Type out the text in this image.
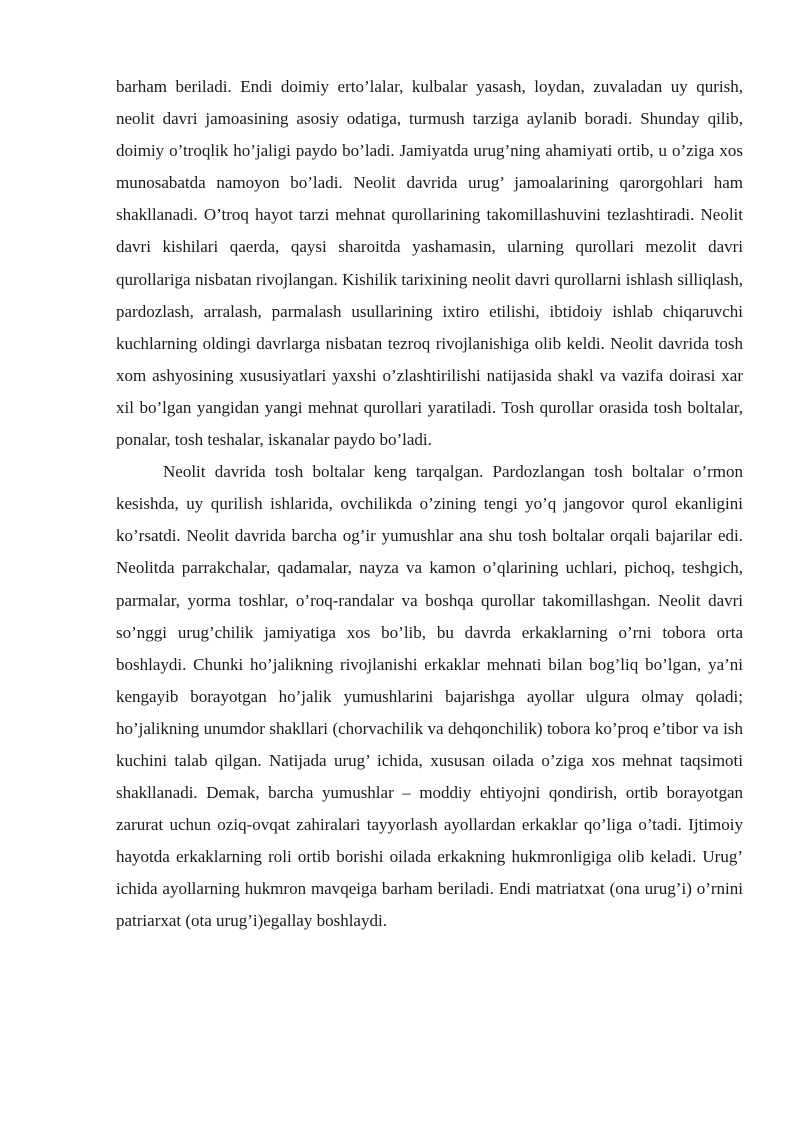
barham beriladi. Endi doimiy erto’lalar, kulbalar yasash, loydan, zuvaladan uy qurish, neolit davri jamoasining asosiy odatiga, turmush tarziga aylanib boradi. Shunday qilib, doimiy o’troqlik ho’jaligi paydo bo’ladi. Jamiyatda urug’ning ahamiyati ortib, u o’ziga xos munosabatda namoyon bo’ladi. Neolit davrida urug’ jamoalarining qarorgohlari ham shakllanadi. O’troq hayot tarzi mehnat qurollarining takomillashuvini tezlashtiradi. Neolit davri kishilari qaerda, qaysi sharoitda yashamasin, ularning qurollari mezolit davri qurollariga nisbatan rivojlangan. Kishilik tarixining neolit davri qurollarni ishlash silliqlash, pardozlash, arralash, parmalash usullarining ixtiro etilishi, ibtidoiy ishlab chiqaruvchi kuchlarning oldingi davrlarga nisbatan tezroq rivojlanishiga olib keldi. Neolit davrida tosh xom ashyosining xususiyatlari yaxshi o’zlashtirilishi natijasida shakl va vazifa doirasi xar xil bo’lgan yangidan yangi mehnat qurollari yaratiladi. Tosh qurollar orasida tosh boltalar, ponalar, tosh teshalar, iskanalar paydo bo’ladi.

Neolit davrida tosh boltalar keng tarqalgan. Pardozlangan tosh boltalar o’rmon kesishda, uy qurilish ishlarida, ovchilikda o’zining tengi yo’q jangovor qurol ekanligini ko’rsatdi. Neolit davrida barcha og’ir yumushlar ana shu tosh boltalar orqali bajarilar edi. Neolitda parrakchalar, qadamalar, nayza va kamon o’qlarining uchlari, pichoq, teshgich, parmalar, yorma toshlar, o’roq-randalar va boshqa qurollar takomillashgan. Neolit davri so’nggi urug’chilik jamiyatiga xos bo’lib, bu davrda erkaklarning o’rni tobora orta boshlaydi. Chunki ho’jalikning rivojlanishi erkaklar mehnati bilan bog’liq bo’lgan, ya’ni kengayib borayotgan ho’jalik yumushlarini bajarishga ayollar ulgura olmay qoladi; ho’jalikning unumdor shakllari (chorvachilik va dehqonchilik) tobora ko’proq e’tibor va ish kuchini talab qilgan. Natijada urug’ ichida, xususan oilada o’ziga xos mehnat taqsimoti shakllanadi. Demak, barcha yumushlar – moddiy ehtiyojni qondirish, ortib borayotgan zarurat uchun oziq-ovqat zahiralari tayyorlash ayollardan erkaklar qo’liga o’tadi. Ijtimoiy hayotda erkaklarning roli ortib borishi oilada erkakning hukmronligiga olib keladi. Urug’ ichida ayollarning hukmron mavqeiga barham beriladi. Endi matriatxat (ona urug’i) o’rnini patriarxat (ota urug’i)egallay boshlaydi.
